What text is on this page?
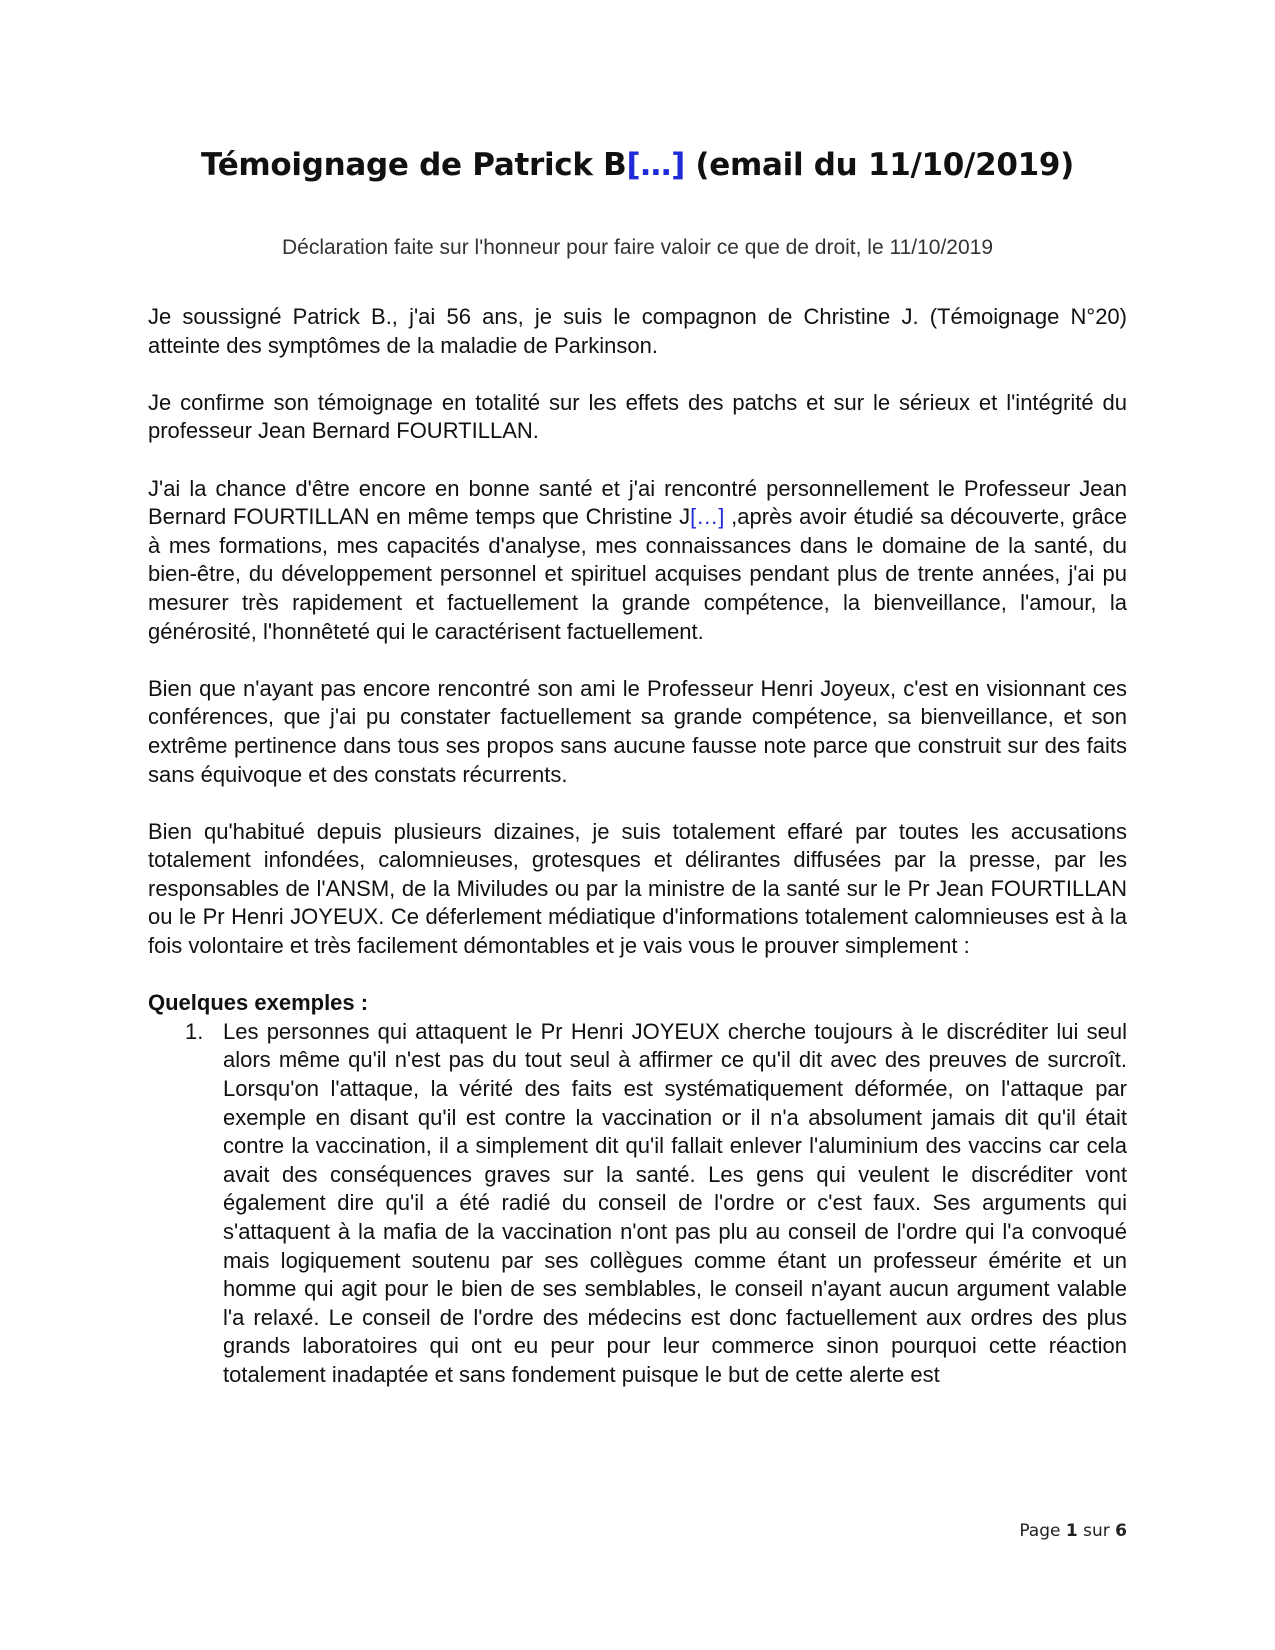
Témoignage de Patrick B[…] (email du 11/10/2019)
Déclaration faite sur l'honneur pour faire valoir ce que de droit, le 11/10/2019

Je soussigné Patrick B., j'ai 56 ans, je suis le compagnon de Christine J. (Témoignage N°20) atteinte des symptômes de la maladie de Parkinson.

Je confirme son témoignage en totalité sur les effets des patchs et sur le sérieux et l'intégrité du professeur Jean Bernard FOURTILLAN.

J'ai la chance d'être encore en bonne santé et j'ai rencontré personnellement le Professeur Jean Bernard FOURTILLAN en même temps que Christine J[…] ,après avoir étudié sa découverte, grâce à mes formations, mes capacités d'analyse, mes connaissances dans le domaine de la santé, du bien-être, du développement personnel et spirituel acquises pendant plus de trente années, j'ai pu mesurer très rapidement et factuellement la grande compétence, la bienveillance, l'amour, la générosité, l'honnêteté qui le caractérisent factuellement.

Bien que n'ayant pas encore rencontré son ami le Professeur Henri Joyeux, c'est en visionnant ces conférences, que j'ai pu constater factuellement sa grande compétence, sa bienveillance, et son extrême pertinence dans tous ses propos sans aucune fausse note parce que construit sur des faits sans équivoque et des constats récurrents.

Bien qu'habitué depuis plusieurs dizaines, je suis totalement effaré par toutes les accusations totalement infondées, calomnieuses, grotesques et délirantes diffusées par la presse, par les responsables de l'ANSM, de la Miviludes ou par la ministre de la santé sur le Pr Jean FOURTILLAN ou le Pr Henri JOYEUX. Ce déferlement médiatique d'informations totalement calomnieuses est à la fois volontaire et très facilement démontables et je vais vous le prouver simplement :

Quelques exemples :
1. Les personnes qui attaquent le Pr Henri JOYEUX cherche toujours à le discréditer lui seul alors même qu'il n'est pas du tout seul à affirmer ce qu'il dit avec des preuves de surcroît. Lorsqu'on l'attaque, la vérité des faits est systématiquement déformée, on l'attaque par exemple en disant qu'il est contre la vaccination or il n'a absolument jamais dit qu'il était contre la vaccination, il a simplement dit qu'il fallait enlever l'aluminium des vaccins car cela avait des conséquences graves sur la santé. Les gens qui veulent le discréditer vont également dire qu'il a été radié du conseil de l'ordre or c'est faux. Ses arguments qui s'attaquent à la mafia de la vaccination n'ont pas plu au conseil de l'ordre qui l'a convoqué mais logiquement soutenu par ses collègues comme étant un professeur émérite et un homme qui agit pour le bien de ses semblables, le conseil n'ayant aucun argument valable l'a relaxé. Le conseil de l'ordre des médecins est donc factuellement aux ordres des plus grands laboratoires qui ont eu peur pour leur commerce sinon pourquoi cette réaction totalement inadaptée et sans fondement puisque le but de cette alerte est
Page 1 sur 6
